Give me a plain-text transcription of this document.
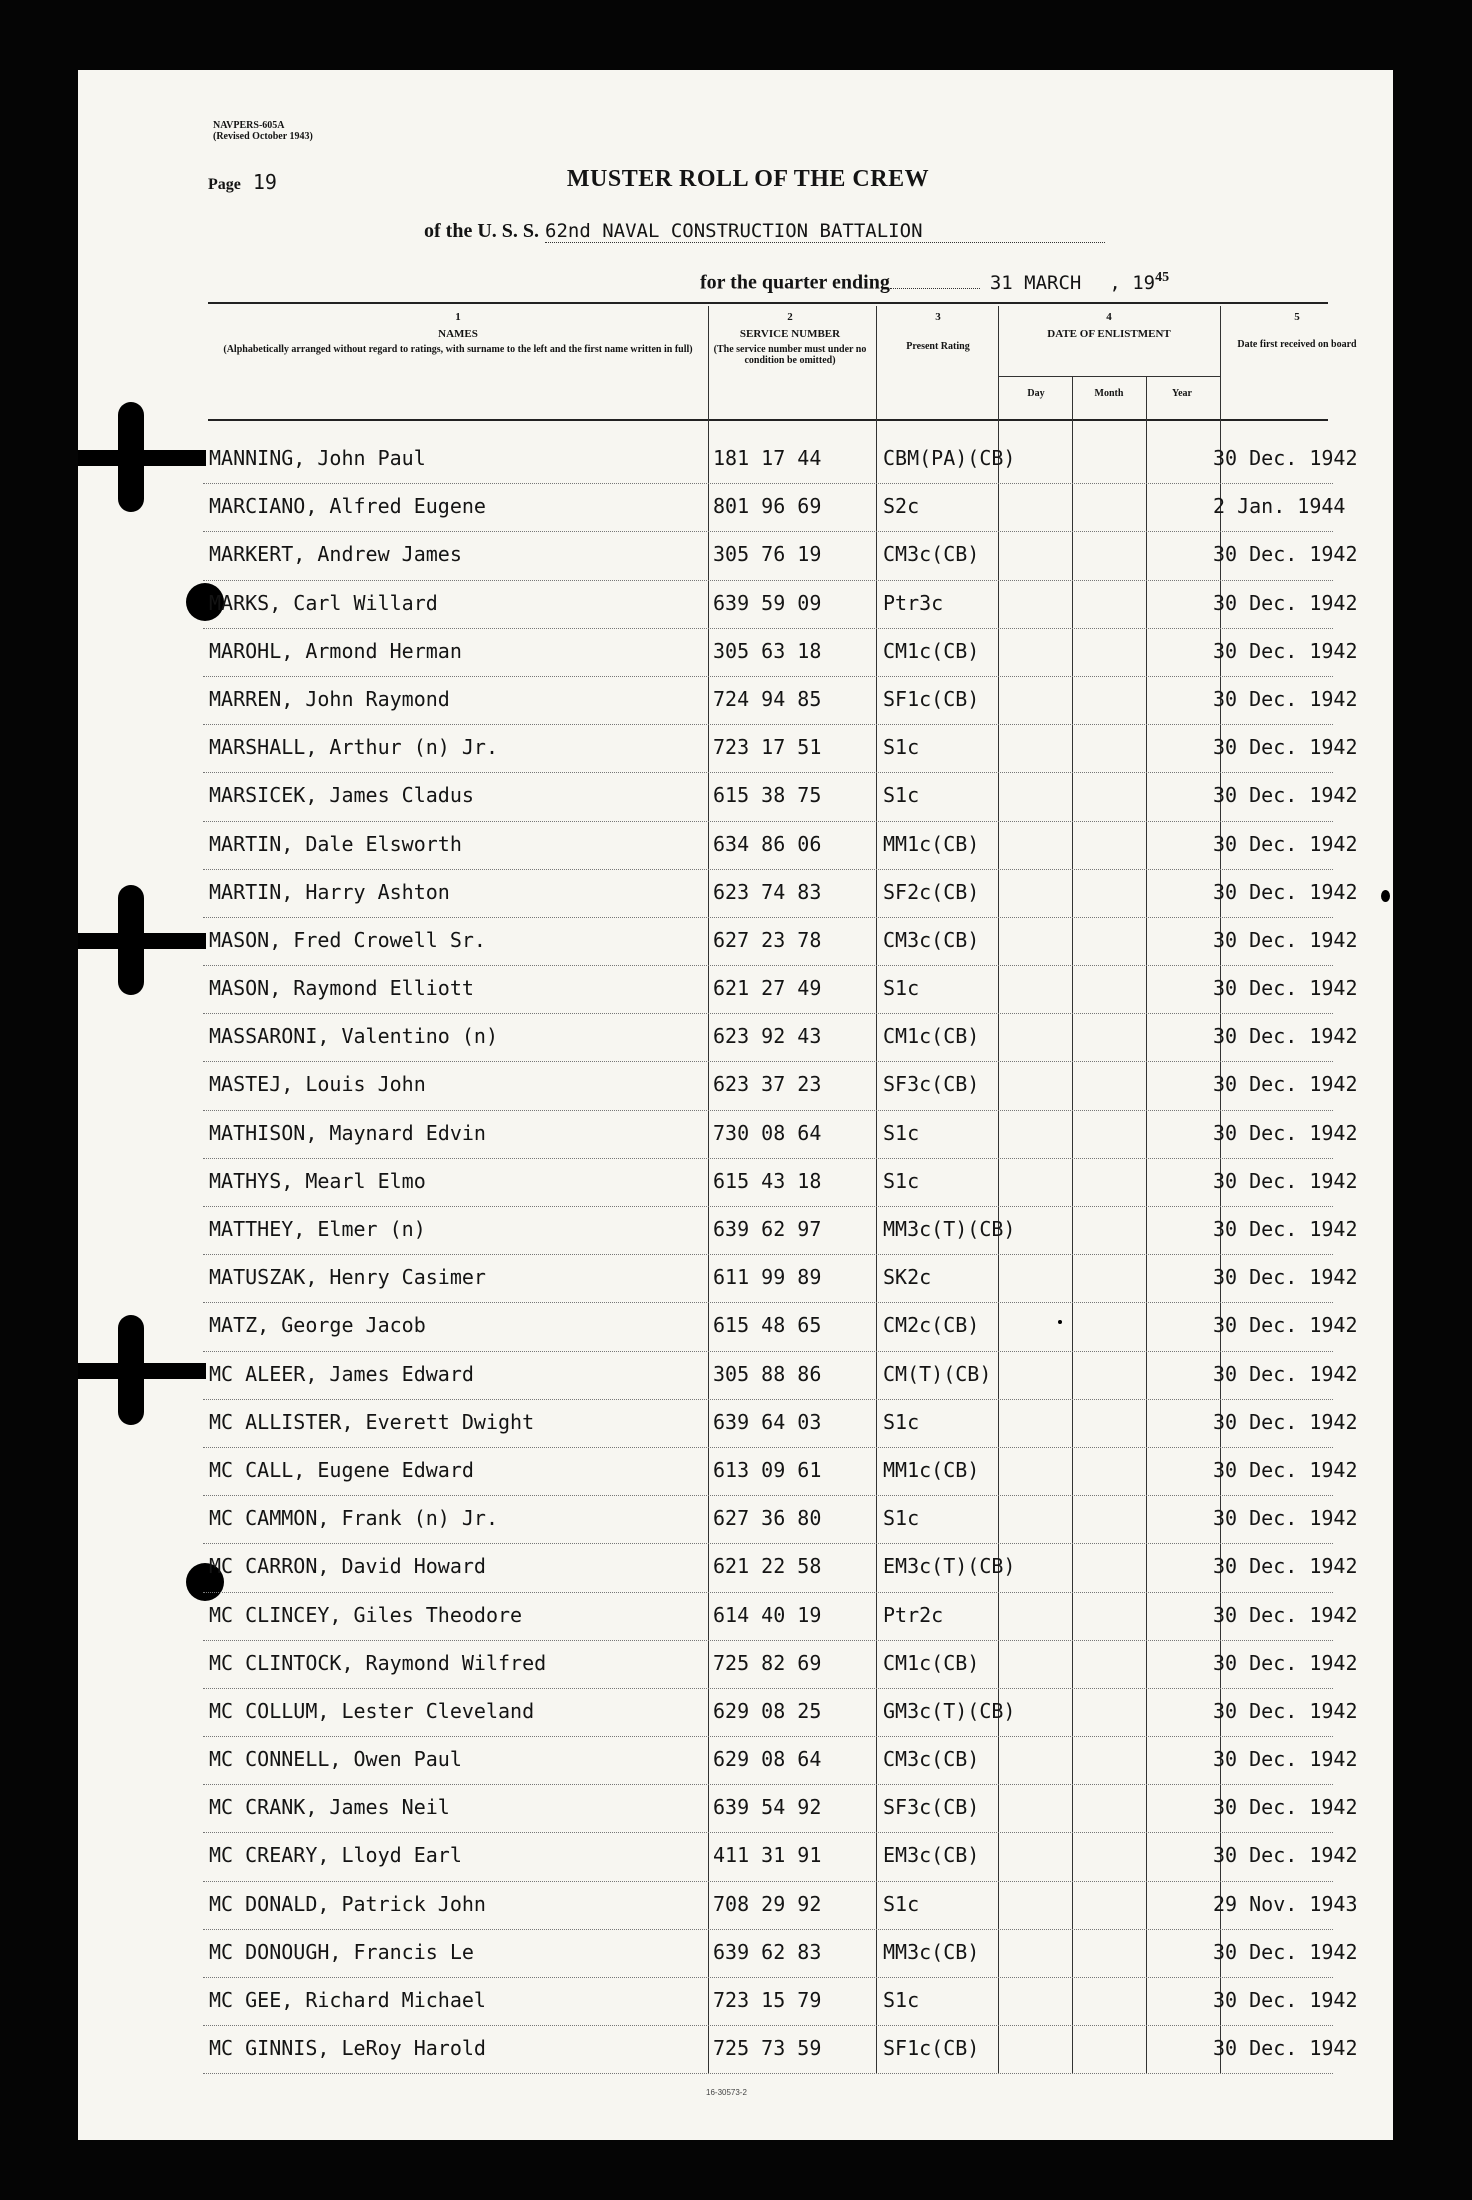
NAVPERS-605A
(Revised October 1943)
Page 19	MUSTER ROLL OF THE CREW
of the U. S. S. 62nd NAVAL CONSTRUCTION BATTALION
for the quarter ending	31 MARCH , $19^{45}$
1
NAMES
(Alphabetically arranged without regard to ratings, with surname to the left and the first name written in full)
2
SERVICE NUMBER
(The service number must under no condition be omitted)
3
Present Rating
4
DATE OF ENLISTMENT
Day	Month	Year
5
Date first received on board
MANNING, John Paul	181 17 44	CBM(PA)(CB)	30 Dec. 1942
MARCIANO, Alfred Eugene	801 96 69	S2c	2 Jan. 1944
MARKERT, Andrew James	305 76 19	CM3c(CB)	30 Dec. 1942
MARKS, Carl Willard	639 59 09	Ptr3c	30 Dec. 1942
MAROHL, Armond Herman	305 63 18	CM1c(CB)	30 Dec. 1942
MARREN, John Raymond	724 94 85	SF1c(CB)	30 Dec. 1942
MARSHALL, Arthur (n) Jr.	723 17 51	S1c	30 Dec. 1942
MARSICEK, James Cladus	615 38 75	S1c	30 Dec. 1942
MARTIN, Dale Elsworth	634 86 06	MM1c(CB)	30 Dec. 1942
MARTIN, Harry Ashton	623 74 83	SF2c(CB)	30 Dec. 1942
MASON, Fred Crowell Sr.	627 23 78	CM3c(CB)	30 Dec. 1942
MASON, Raymond Elliott	621 27 49	S1c	30 Dec. 1942
MASSARONI, Valentino (n)	623 92 43	CM1c(CB)	30 Dec. 1942
MASTEJ, Louis John	623 37 23	SF3c(CB)	30 Dec. 1942
MATHISON, Maynard Edvin	730 08 64	S1c	30 Dec. 1942
MATHYS, Mearl Elmo	615 43 18	S1c	30 Dec. 1942
MATTHEY, Elmer (n)	639 62 97	MM3c(T)(CB)	30 Dec. 1942
MATUSZAK, Henry Casimer	611 99 89	SK2c	30 Dec. 1942
MATZ, George Jacob	615 48 65	CM2c(CB)	30 Dec. 1942
MC ALEER, James Edward	305 88 86	CM(T)(CB)	30 Dec. 1942
MC ALLISTER, Everett Dwight	639 64 03	S1c	30 Dec. 1942
MC CALL, Eugene Edward	613 09 61	MM1c(CB)	30 Dec. 1942
MC CAMMON, Frank (n) Jr.	627 36 80	S1c	30 Dec. 1942
MC CARRON, David Howard	621 22 58	EM3c(T)(CB)	30 Dec. 1942
MC CLINCEY, Giles Theodore	614 40 19	Ptr2c	30 Dec. 1942
MC CLINTOCK, Raymond Wilfred	725 82 69	CM1c(CB)	30 Dec. 1942
MC COLLUM, Lester Cleveland	629 08 25	GM3c(T)(CB)	30 Dec. 1942
MC CONNELL, Owen Paul	629 08 64	CM3c(CB)	30 Dec. 1942
MC CRANK, James Neil	639 54 92	SF3c(CB)	30 Dec. 1942
MC CREARY, Lloyd Earl	411 31 91	EM3c(CB)	30 Dec. 1942
MC DONALD, Patrick John	708 29 92	S1c	29 Nov. 1943
MC DONOUGH, Francis Le	639 62 83	MM3c(CB)	30 Dec. 1942
MC GEE, Richard Michael	723 15 79	S1c	30 Dec. 1942
MC GINNIS, LeRoy Harold	725 73 59	SF1c(CB)	30 Dec. 1942
16-30573-2
